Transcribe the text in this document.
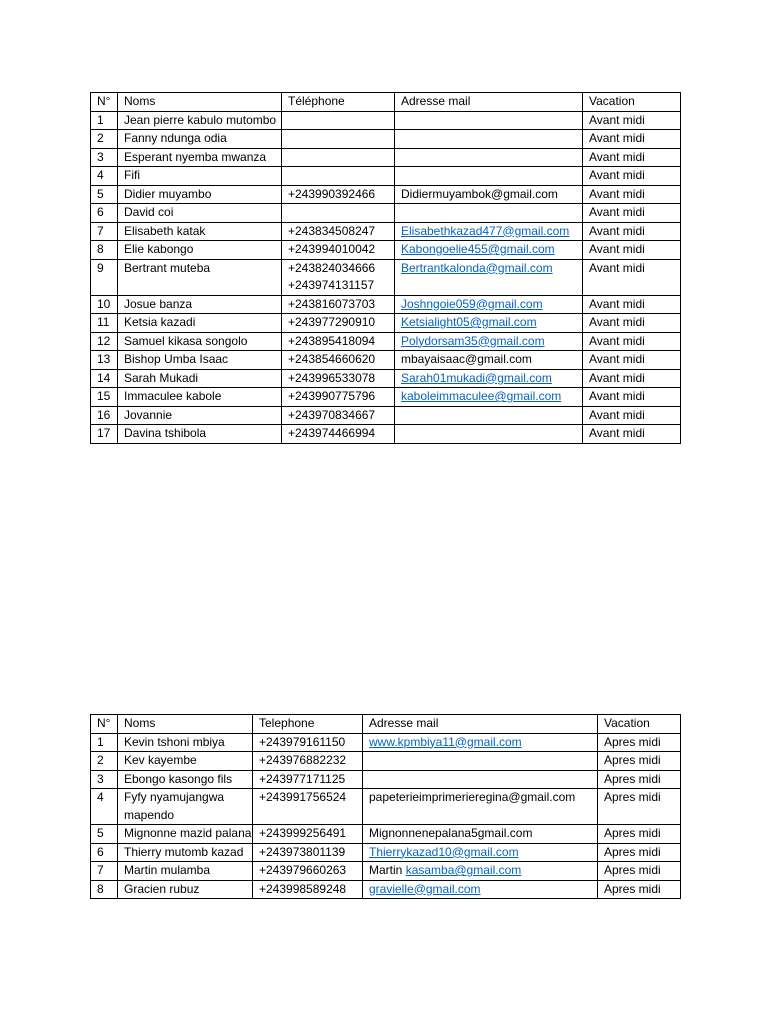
N°	Noms	Téléphone	Adresse mail	Vacation
1	Jean pierre kabulo mutombo			Avant midi
2	Fanny ndunga odia			Avant midi
3	Esperant nyemba mwanza			Avant midi
4	Fifi			Avant midi
5	Didier muyambo	+243990392466	Didiermuyambok@gmail.com	Avant midi
6	David coi			Avant midi
7	Elisabeth katak	+243834508247	Elisabethkazad477@gmail.com	Avant midi
8	Elie kabongo	+243994010042	Kabongoelie455@gmail.com	Avant midi
9	Bertrant muteba	+243824034666 +243974131157	Bertrantkalonda@gmail.com	Avant midi
10	Josue banza	+243816073703	Joshngoie059@gmail.com	Avant midi
11	Ketsia kazadi	+243977290910	Ketsialight05@gmail.com	Avant midi
12	Samuel kikasa songolo	+243895418094	Polydorsam35@gmail.com	Avant midi
13	Bishop Umba Isaac	+243854660620	mbayaisaac@gmail.com	Avant midi
14	Sarah Mukadi	+243996533078	Sarah01mukadi@gmail.com	Avant midi
15	Immaculee kabole	+243990775796	kaboleimmaculee@gmail.com	Avant midi
16	Jovannie	+243970834667		Avant midi
17	Davina tshibola	+243974466994		Avant midi
N°	Noms	Telephone	Adresse mail	Vacation
1	Kevin tshoni mbiya	+243979161150	www.kpmbiya11@gmail.com	Apres midi
2	Kev kayembe	+243976882232		Apres midi
3	Ebongo kasongo fils	+243977171125		Apres midi
4	Fyfy nyamujangwa mapendo	+243991756524	papeterieimprimerieregina@gmail.com	Apres midi
5	Mignonne mazid palana	+243999256491	Mignonnenepalana5gmail.com	Apres midi
6	Thierry mutomb kazad	+243973801139	Thierrykazad10@gmail.com	Apres midi
7	Martin mulamba	+243979660263	Martin kasamba@gmail.com	Apres midi
8	Gracien rubuz	+243998589248	gravielle@gmail.com	Apres midi
